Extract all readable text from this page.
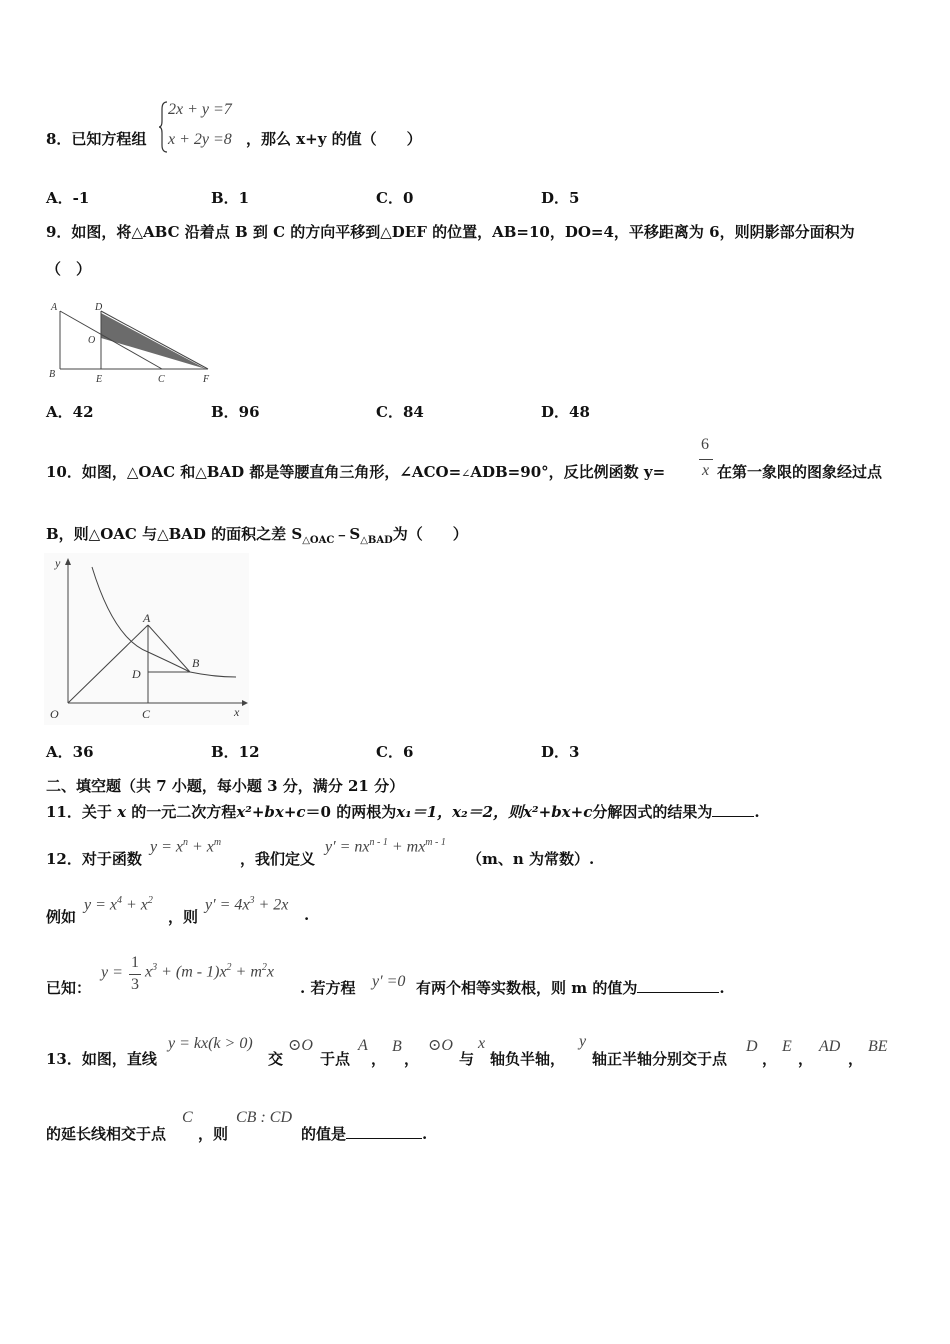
8．已知方程组
2x + y =7
x + 2y =8 ，那么 x+y 的值（　　）
A．-1	B．1	C．0	D．5
9．如图，将△ABC 沿着点 B 到 C 的方向平移到△DEF 的位置，AB=10，DO=4，平移距离为 6，则阴影部分面积为
（　）
A	D
O
B	E	C	F
A．42	B．96	C．84	D．48
10．如图，△OAC 和△BAD 都是等腰直角三角形，∠ACO=∠ADB=90°，反比例函数 y=
6
x 在第一象限的图象经过点
B，则△OAC 与△BAD 的面积之差 $S_{\triangle OAC}﹣S_{\triangle BAD}$为（　　）
y
A
B
D
O	C	x
A．36	B．12	C．6	D．3
二、填空题（共 7 小题，每小题 3 分，满分 21 分）
11．关于 x 的一元二次方程x²+bx+c＝0 的两根为x₁＝1，x₂＝2，则x²+bx+c分解因式的结果为	.
12．对于函数
$y = x^n + x^m$
，我们定义
$y' = nx^{n - 1} + mx^{m - 1}$
（m、n 为常数）.
例如
$y = x^4 + x^2$
，则
$y' = 4x^3 + 2x$
.
已知：
y =
1
3
$x^3 + (m - 1)x^2 + m^2x$
. 若方程 y′ =0 有两个相等实数根，则 m 的值为	.
13．如图，直线
y = kx(k > 0)
交
⊙O
于点
A
，
B
，
⊙O
与
x
轴负半轴，
y
轴正半轴分别交于点
D
，
E
，
AD
，
BE
的延长线相交于点
C
，则
CB : CD
的值是	.
